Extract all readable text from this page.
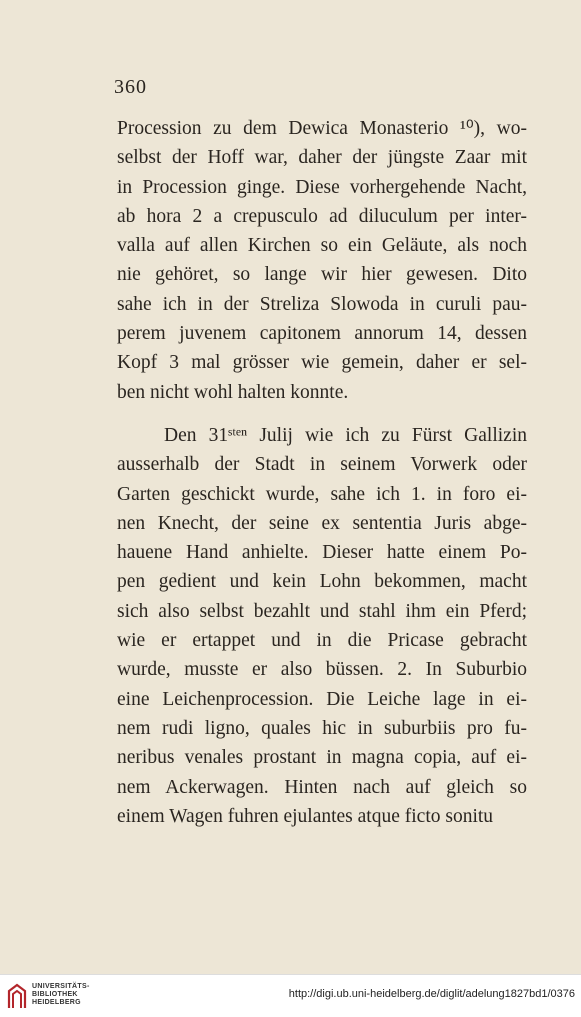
360
Procession zu dem Dewica Monasterio ¹⁰), wo-
selbst der Hoff war, daher der jüngste Zaar mit
in Procession ginge. Diese vorhergehende Nacht,
ab hora 2 a crepusculo ad diluculum per inter-
valla auf allen Kirchen so ein Geläute, als noch
nie gehöret, so lange wir hier gewesen. Dito
sahe ich in der Streliza Slowoda in curuli pau-
perem juvenem capitonem annorum 14, dessen
Kopf 3 mal grösser wie gemein, daher er sel-
ben nicht wohl halten konnte.
Den 31ˢᵗᵉⁿ Julij wie ich zu Fürst Gallizin
ausserhalb der Stadt in seinem Vorwerk oder
Garten geschickt wurde, sahe ich 1. in foro ei-
nen Knecht, der seine ex sententia Juris abge-
hauene Hand anhielte. Dieser hatte einem Po-
pen gedient und kein Lohn bekommen, macht
sich also selbst bezahlt und stahl ihm ein Pferd;
wie er ertappet und in die Pricase gebracht
wurde, musste er also büssen. 2. In Suburbio
eine Leichenprocession. Die Leiche lage in ei-
nem rudi ligno, quales hic in suburbiis pro fu-
neribus venales prostant in magna copia, auf ei-
nem Ackerwagen. Hinten nach auf gleich so
einem Wagen fuhren ejulantes atque ficto sonitu
UNIVERSITÄTS-
BIBLIOTHEK
HEIDELBERG
http://digi.ub.uni-heidelberg.de/diglit/adelung1827bd1/0376
